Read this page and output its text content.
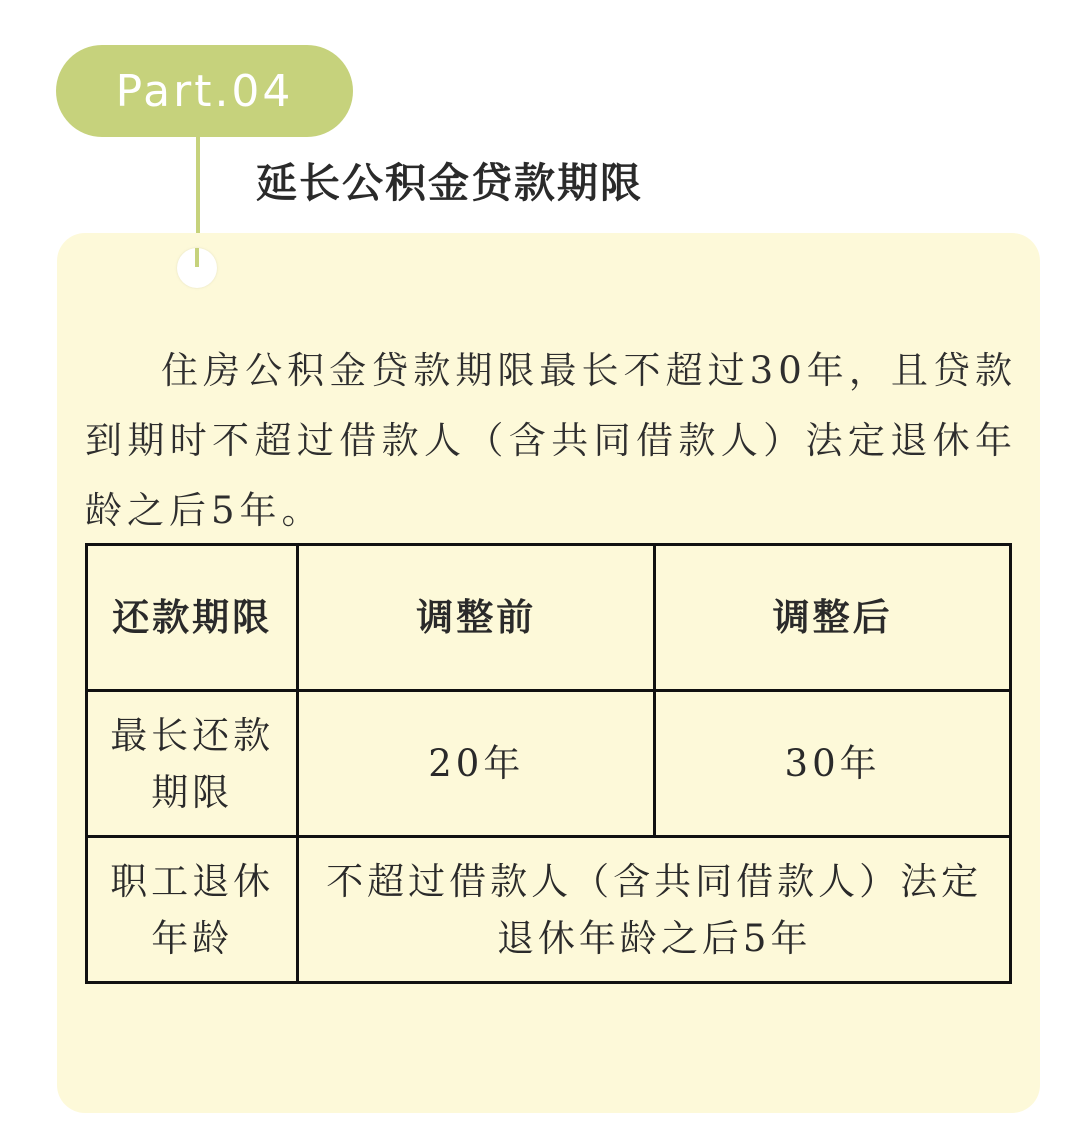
Part.04
延长公积金贷款期限

住房公积金贷款期限最长不超过30年，且贷款到期时不超过借款人（含共同借款人）法定退休年龄之后5年。

还款期限	调整前	调整后
最长还款期限	20年	30年
职工退休年龄	不超过借款人（含共同借款人）法定退休年龄之后5年	
